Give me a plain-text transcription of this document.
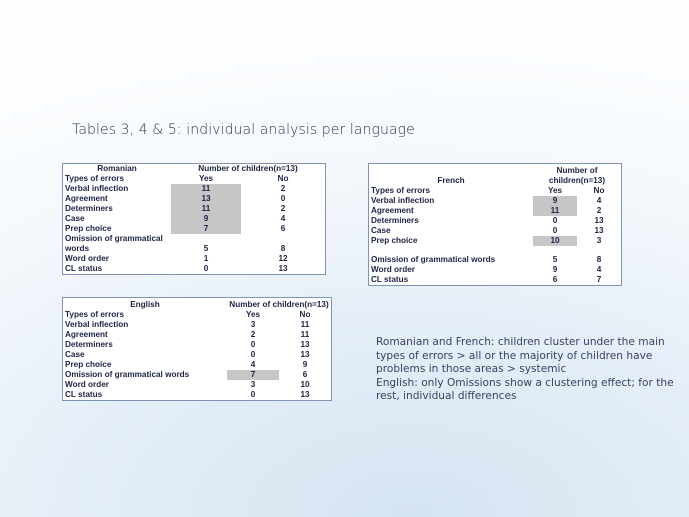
Tables 3, 4 & 5: individual analysis per language
Romanian	Number of children(n=13)	
Types of errors	Yes	No
Verbal inflection	11	2
Agreement	13	0
Determiners	11	2
Case	9	4
Prep choice	7	6
Omission of grammatical words	5	8
Word order	1	12
CL status	0	13
French	Number of children(n=13)	
Types of errors	Yes	No
Verbal inflection	9	4
Agreement	11	2
Determiners	0	13
Case	0	13
Prep choice	10	3
Omission of grammatical words	5	8
Word order	9	4
CL status	6	7
English	Number of children(n=13)	
Types of errors	Yes	No
Verbal inflection	3	11
Agreement	2	11
Determiners	0	13
Case	0	13
Prep choice	4	9
Omission of grammatical words	7	6
Word order	3	10
CL status	0	13

Romanian and French: children cluster under the main types of errors > all or the majority of children have problems in those areas > systemic

English: only Omissions show a clustering effect; for the rest, individual differences
